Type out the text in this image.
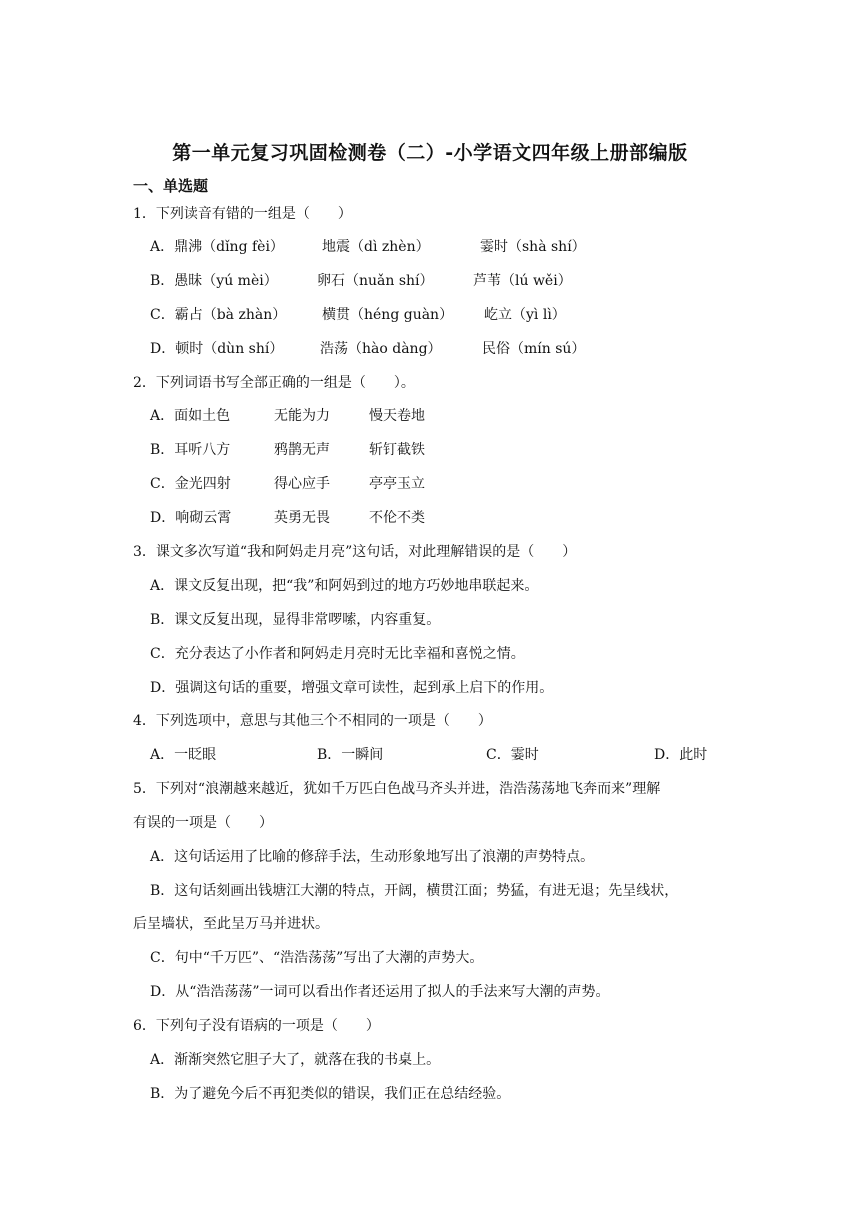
第一单元复习巩固检测卷（二）-小学语文四年级上册部编版
一、单选题
1．下列读音有错的一组是（　　）
A．鼎沸（dǐng fèi）	地震（dì zhèn）	霎时（shà shí）
B．愚昧（yú mèi）	卵石（nuǎn shí）	芦苇（lú wěi）
C．霸占（bà zhàn）	横贯（héng guàn） 屹立（yì lì）
D．顿时（dùn shí）	浩荡（hào dàng）	民俗（mín sú）
2．下列词语书写全部正确的一组是（　　）。
A．面如土色	无能为力	慢天卷地
B．耳听八方	鸦鹊无声	斩钉截铁
C．金光四射	得心应手	亭亭玉立
D．响砌云霄	英勇无畏	不伦不类
3．课文多次写道“我和阿妈走月亮”这句话，对此理解错误的是（　　）
A．课文反复出现，把“我”和阿妈到过的地方巧妙地串联起来。
B．课文反复出现，显得非常啰嗦，内容重复。
C．充分表达了小作者和阿妈走月亮时无比幸福和喜悦之情。
D．强调这句话的重要，增强文章可读性，起到承上启下的作用。
4．下列选项中，意思与其他三个不相同的一项是（　　）
A．一眨眼	B．一瞬间	C．霎时	D．此时
5．下列对“浪潮越来越近，犹如千万匹白色战马齐头并进，浩浩荡荡地飞奔而来”理解
有误的一项是（　　）
A．这句话运用了比喻的修辞手法，生动形象地写出了浪潮的声势特点。
B．这句话刻画出钱塘江大潮的特点，开阔，横贯江面；势猛，有进无退；先呈线状，
后呈墙状，至此呈万马并进状。
C．句中“千万匹”、“浩浩荡荡”写出了大潮的声势大。
D．从“浩浩荡荡”一词可以看出作者还运用了拟人的手法来写大潮的声势。
6．下列句子没有语病的一项是（　　）
A．渐渐突然它胆子大了，就落在我的书桌上。
B．为了避免今后不再犯类似的错误，我们正在总结经验。
